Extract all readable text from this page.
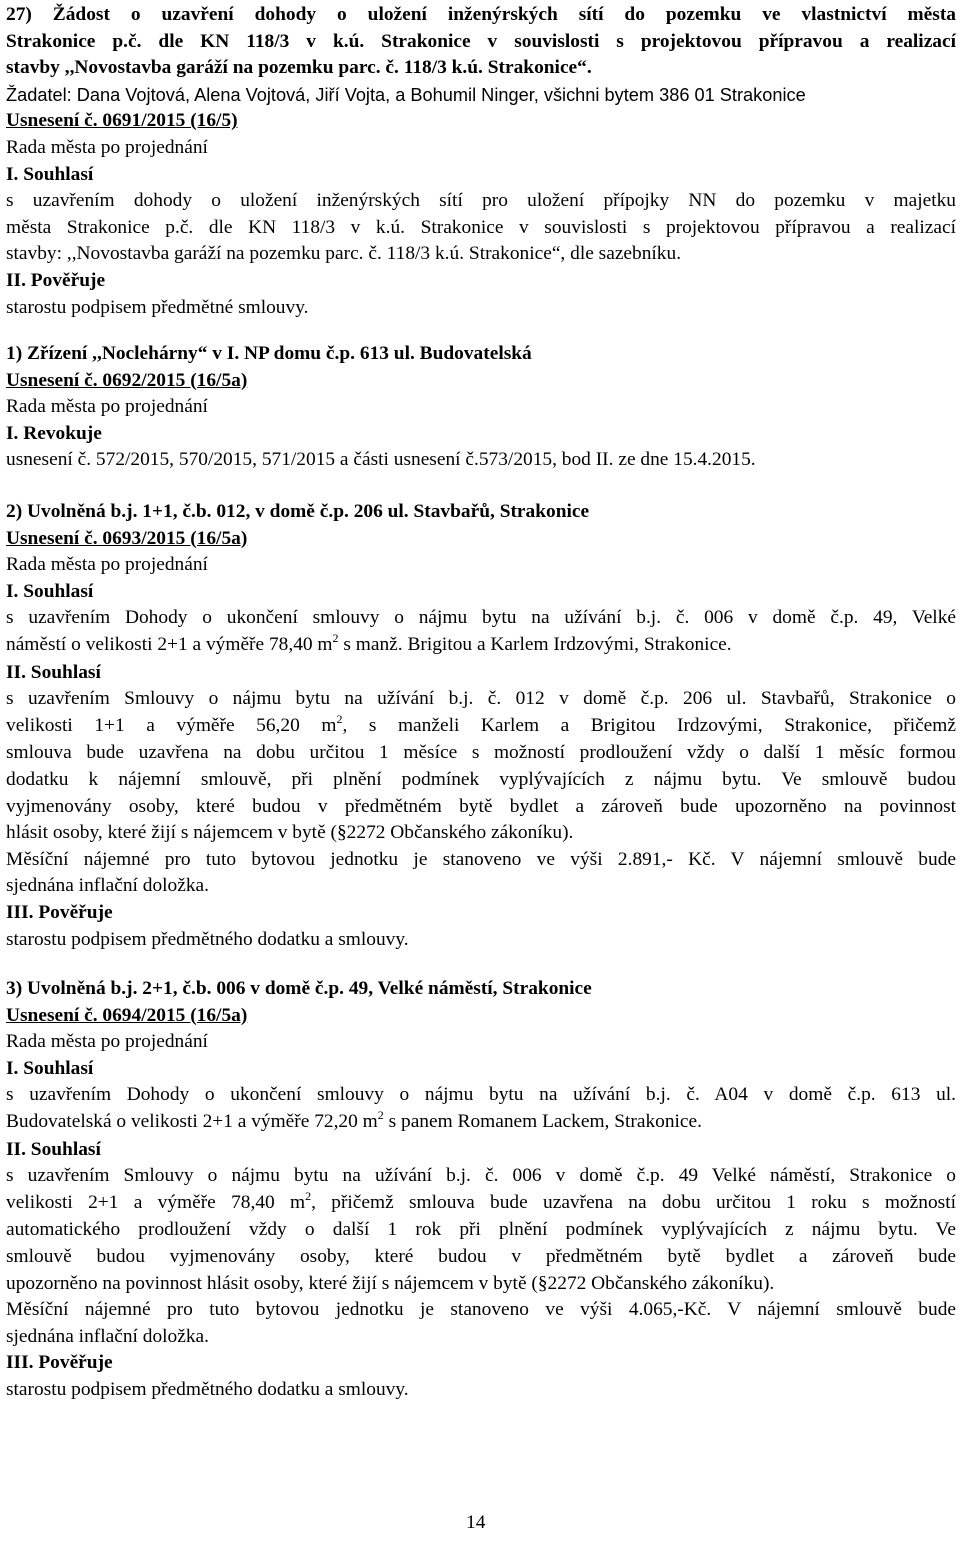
27) Žádost o uzavření dohody o uložení inženýrských sítí do pozemku ve vlastnictví města
Strakonice p.č. dle KN 118/3 v k.ú. Strakonice v souvislosti s projektovou přípravou a realizací
stavby ,,Novostavba garáží na pozemku parc. č. 118/3 k.ú. Strakonice“.
Žadatel: Dana Vojtová, Alena Vojtová, Jiří Vojta, a Bohumil Ninger, všichni bytem 386 01 Strakonice
Usnesení č. 0691/2015 (16/5)
Rada města po projednání
I. Souhlasí
s uzavřením dohody o uložení inženýrských sítí pro uložení přípojky NN do pozemku v majetku
města Strakonice p.č. dle KN 118/3 v k.ú. Strakonice v souvislosti s projektovou přípravou a realizací
stavby: ,,Novostavba garáží na pozemku parc. č. 118/3 k.ú. Strakonice“, dle sazebníku.
II. Pověřuje
starostu podpisem předmětné smlouvy.
1) Zřízení ,,Noclehárny“ v I. NP domu č.p. 613 ul. Budovatelská
Usnesení č. 0692/2015 (16/5a)
Rada města po projednání
I. Revokuje
usnesení č. 572/2015, 570/2015, 571/2015 a části usnesení č.573/2015, bod II. ze dne 15.4.2015.
2) Uvolněná b.j. 1+1, č.b. 012, v domě č.p. 206 ul. Stavbařů, Strakonice
Usnesení č. 0693/2015 (16/5a)
Rada města po projednání
I. Souhlasí
s uzavřením Dohody o ukončení smlouvy o nájmu bytu na užívání b.j. č. 006 v domě č.p. 49, Velké
náměstí o velikosti 2+1 a výměře 78,40 $m^2$ s manž. Brigitou a Karlem Irdzovými, Strakonice.
II. Souhlasí
s uzavřením Smlouvy o nájmu bytu na užívání b.j. č. 012 v domě č.p. 206 ul. Stavbařů, Strakonice o
velikosti 1+1 a výměře 56,20 $m^2$, s manželi Karlem a Brigitou Irdzovými, Strakonice, přičemž
smlouva bude uzavřena na dobu určitou 1 měsíce s možností prodloužení vždy o další 1 měsíc formou
dodatku k nájemní smlouvě, při plnění podmínek vyplývajících z nájmu bytu. Ve smlouvě budou
vyjmenovány osoby, které budou v předmětném bytě bydlet a zároveň bude upozorněno na povinnost
hlásit osoby, které žijí s nájemcem v bytě (§2272 Občanského zákoníku).
Měsíční nájemné pro tuto bytovou jednotku je stanoveno ve výši 2.891,- Kč. V nájemní smlouvě bude
sjednána inflační doložka.
III. Pověřuje
starostu podpisem předmětného dodatku a smlouvy.
3) Uvolněná b.j. 2+1, č.b. 006 v domě č.p. 49, Velké náměstí, Strakonice
Usnesení č. 0694/2015 (16/5a)
Rada města po projednání
I. Souhlasí
s uzavřením Dohody o ukončení smlouvy o nájmu bytu na užívání b.j. č. A04 v domě č.p. 613 ul.
Budovatelská o velikosti 2+1 a výměře 72,20 $m^2$ s panem Romanem Lackem, Strakonice.
II. Souhlasí
s uzavřením Smlouvy o nájmu bytu na užívání b.j. č. 006 v domě č.p. 49 Velké náměstí, Strakonice o
velikosti 2+1 a výměře 78,40 $m^2$, přičemž smlouva bude uzavřena na dobu určitou 1 roku s možností
automatického prodloužení vždy o další 1 rok při plnění podmínek vyplývajících z nájmu bytu. Ve
smlouvě budou vyjmenovány osoby, které budou v předmětném bytě bydlet a zároveň bude
upozorněno na povinnost hlásit osoby, které žijí s nájemcem v bytě (§2272 Občanského zákoníku).
Měsíční nájemné pro tuto bytovou jednotku je stanoveno ve výši 4.065,-Kč. V nájemní smlouvě bude
sjednána inflační doložka.
III. Pověřuje
starostu podpisem předmětného dodatku a smlouvy.
14
